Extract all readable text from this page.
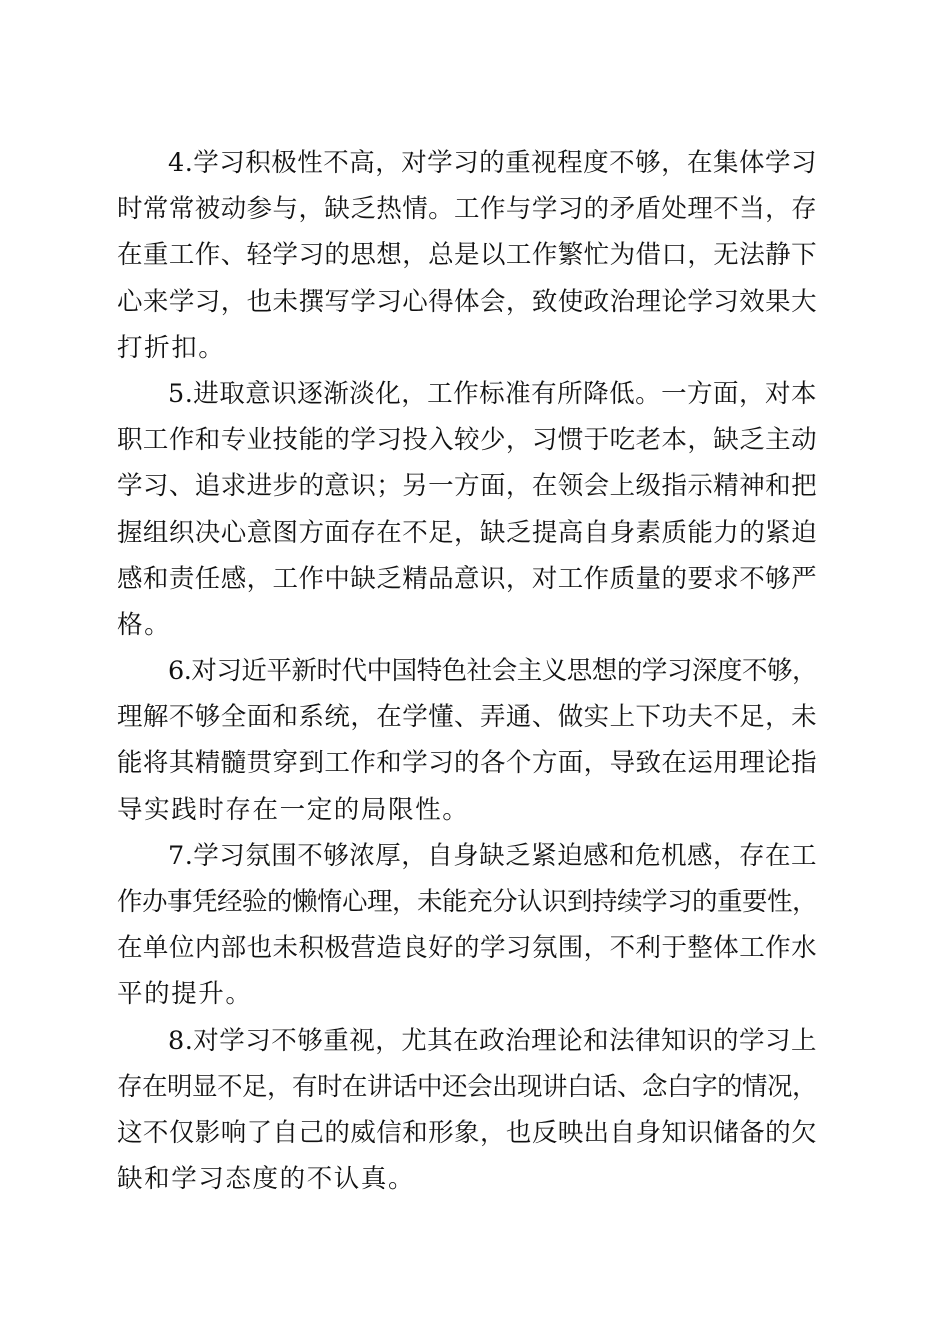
4.学习积极性不高，对学习的重视程度不够，在集体学习
时常常被动参与，缺乏热情。工作与学习的矛盾处理不当，存
在重工作、轻学习的思想，总是以工作繁忙为借口，无法静下
心来学习，也未撰写学习心得体会，致使政治理论学习效果大
打折扣。
5.进取意识逐渐淡化，工作标准有所降低。一方面，对本
职工作和专业技能的学习投入较少，习惯于吃老本，缺乏主动
学习、追求进步的意识；另一方面，在领会上级指示精神和把
握组织决心意图方面存在不足，缺乏提高自身素质能力的紧迫
感和责任感，工作中缺乏精品意识，对工作质量的要求不够严
格。
6.对习近平新时代中国特色社会主义思想的学习深度不够，
理解不够全面和系统，在学懂、弄通、做实上下功夫不足，未
能将其精髓贯穿到工作和学习的各个方面，导致在运用理论指
导实践时存在一定的局限性。
7.学习氛围不够浓厚，自身缺乏紧迫感和危机感，存在工
作办事凭经验的懒惰心理，未能充分认识到持续学习的重要性，
在单位内部也未积极营造良好的学习氛围，不利于整体工作水
平的提升。
8.对学习不够重视，尤其在政治理论和法律知识的学习上
存在明显不足，有时在讲话中还会出现讲白话、念白字的情况，
这不仅影响了自己的威信和形象，也反映出自身知识储备的欠
缺和学习态度的不认真。
